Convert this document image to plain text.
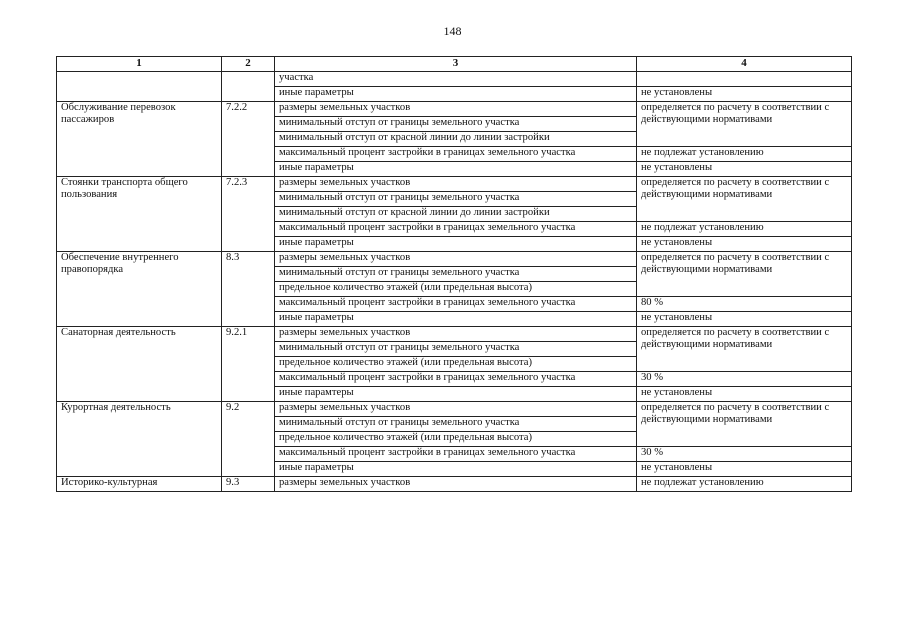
148
1	2	3	4
		участка	
		иные параметры	не установлены
Обслуживание перевозок пассажиров	7.2.2	размеры земельных участков	определяется по расчету в соответствии с действующими нормативами
		минимальный отступ от границы земельного участка	
		минимальный отступ от красной линии до линии застройки	
		максимальный процент застройки в границах земельного участка	не подлежат установлению
		иные параметры	не установлены
Стоянки транспорта общего пользования	7.2.3	размеры земельных участков	определяется по расчету в соответствии с действующими нормативами
		минимальный отступ от границы земельного участка	
		минимальный отступ от красной линии до линии застройки	
		максимальный процент застройки в границах земельного участка	не подлежат установлению
		иные параметры	не установлены
Обеспечение внутреннего правопорядка	8.3	размеры земельных участков	определяется по расчету в соответствии с действующими нормативами
		минимальный отступ от границы земельного участка	
		предельное количество этажей (или предельная высота)	
		максимальный процент застройки в границах земельного участка	80 %
		иные параметры	не установлены
Санаторная деятельность	9.2.1	размеры земельных участков	определяется по расчету в соответствии с действующими нормативами
		минимальный отступ от границы земельного участка	
		предельное количество этажей (или предельная высота)	
		максимальный процент застройки в границах земельного участка	30 %
		иные парамтеры	не установлены
Курортная деятельность	9.2	размеры земельных участков	определяется по расчету в соответствии с действующими нормативами
		минимальный отступ от границы земельного участка	
		предельное количество этажей (или предельная высота)	
		максимальный процент застройки в границах земельного участка	30 %
		иные параметры	не установлены
Историко-культурная	9.3	размеры земельных участков	не подлежат установлению
